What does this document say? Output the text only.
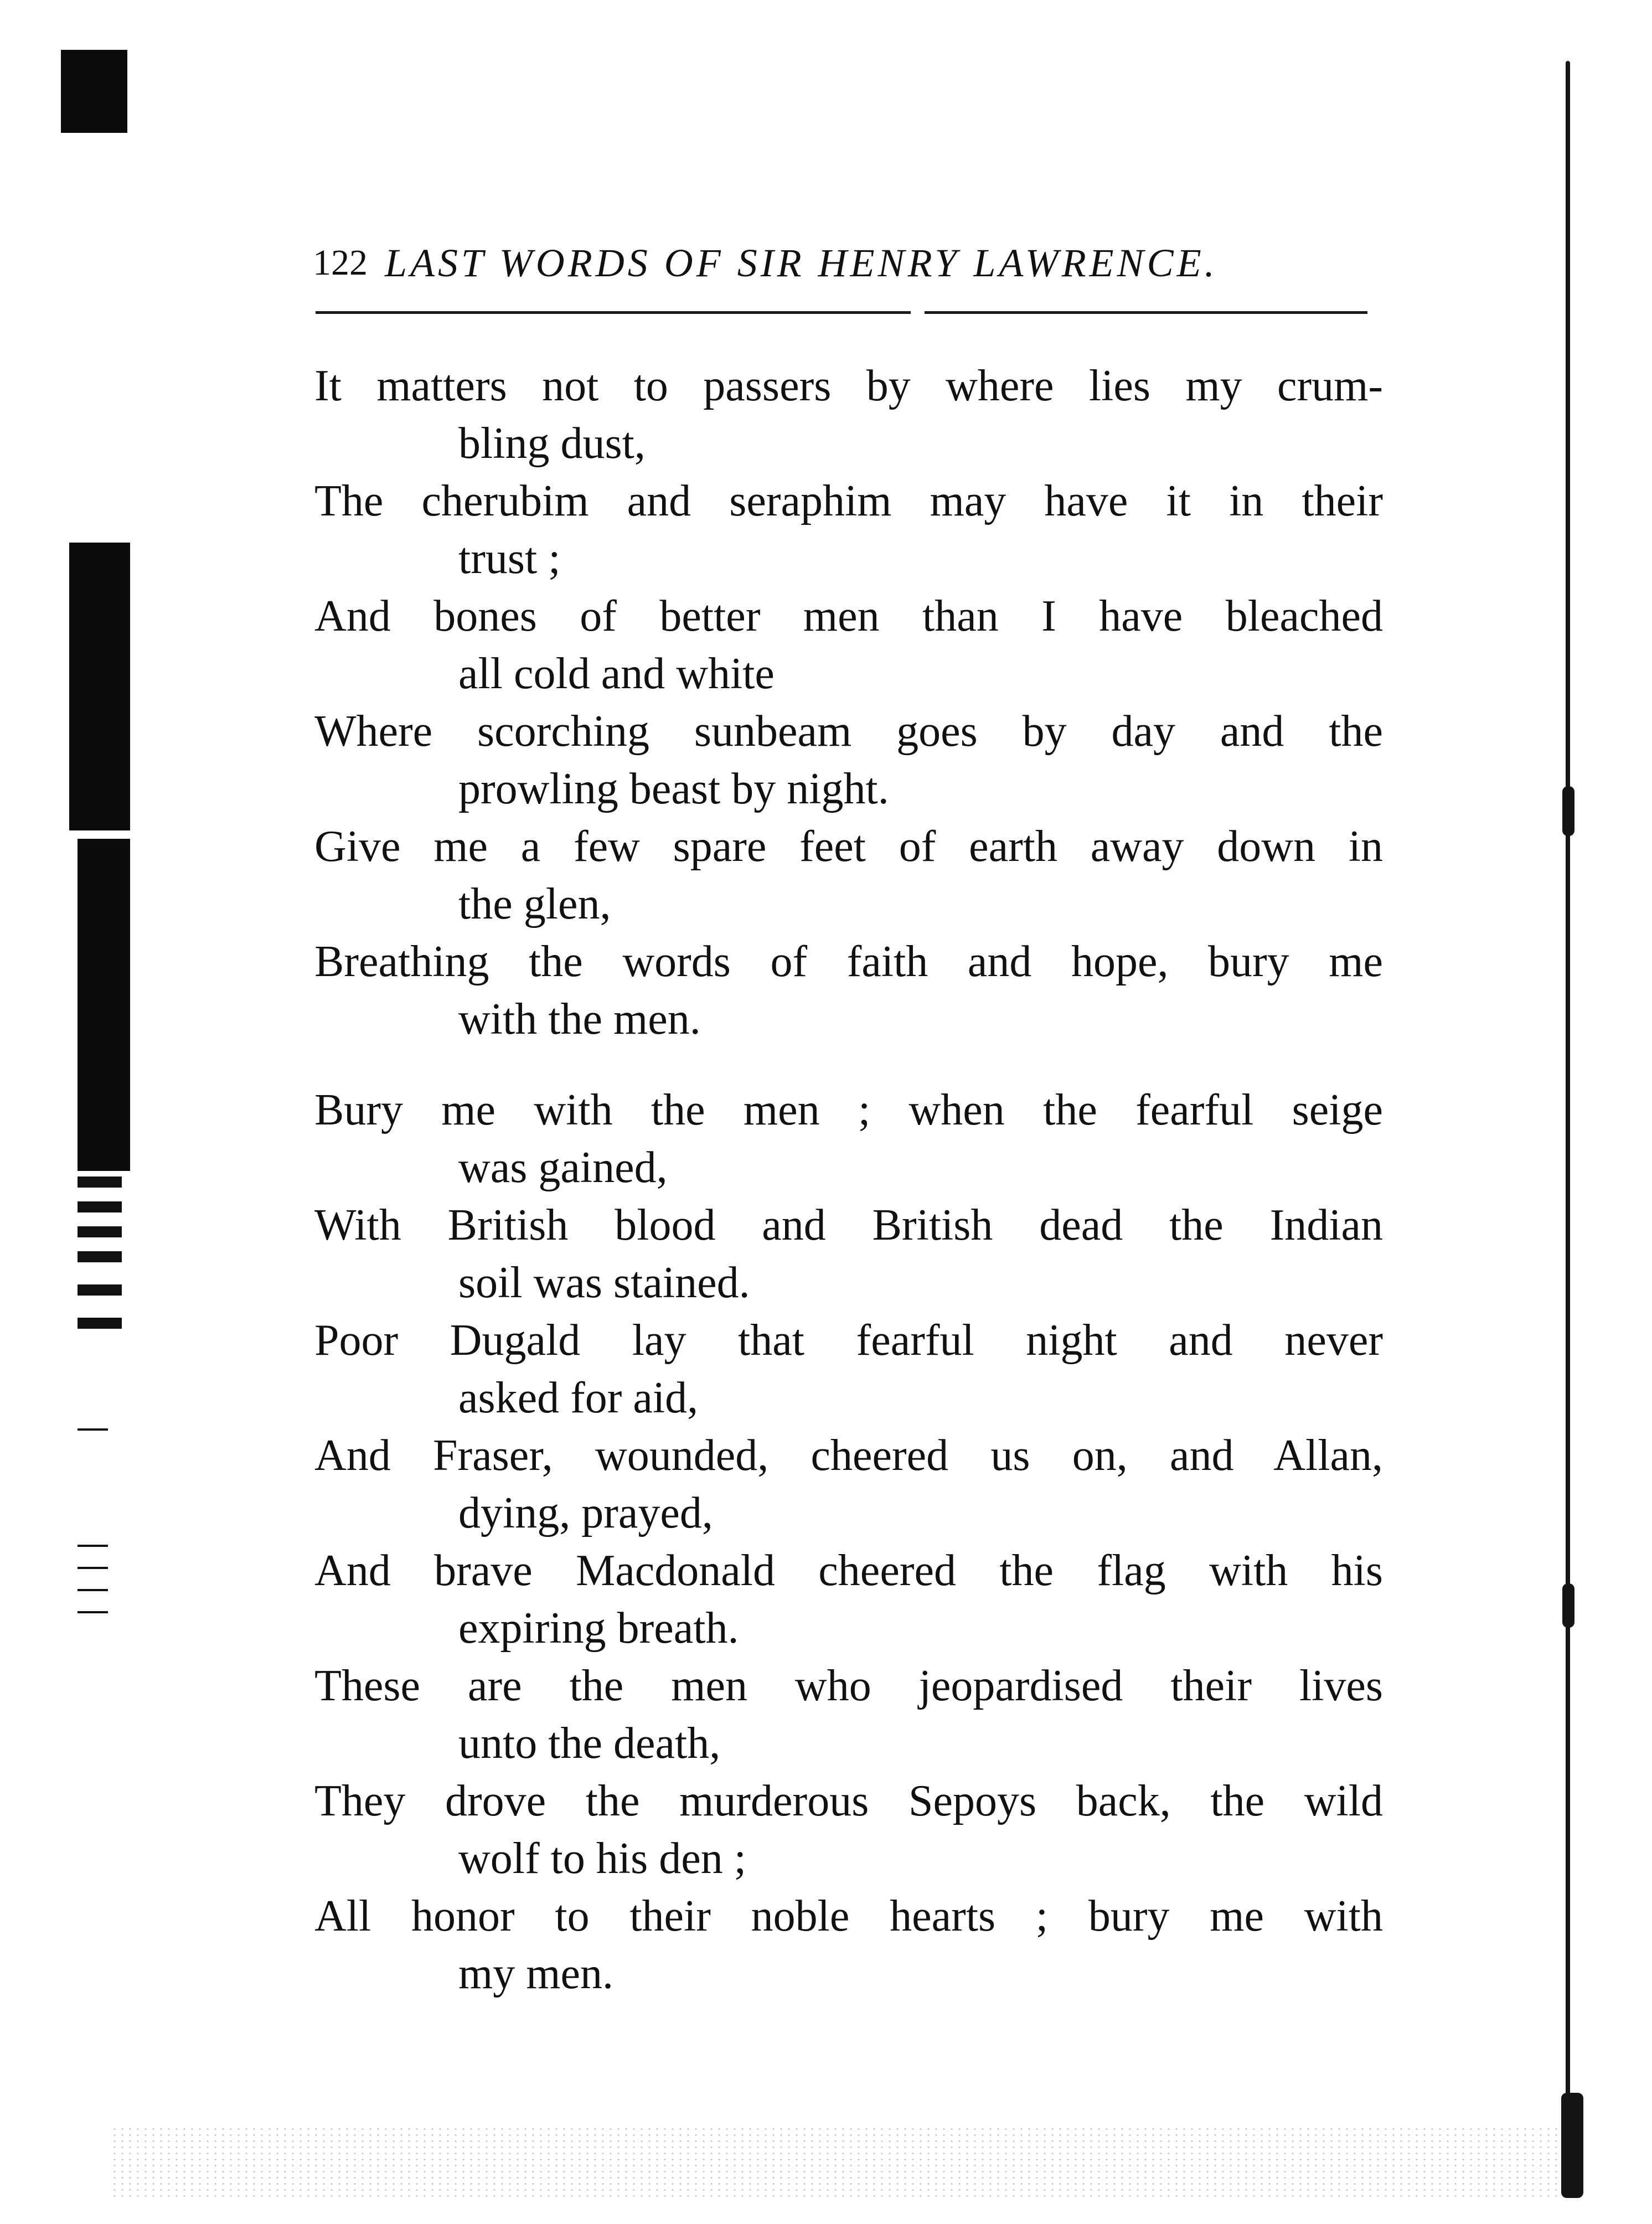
122 LAST WORDS OF SIR HENRY LAWRENCE.
It matters not to passers by where lies my crum-
bling dust,
The cherubim and seraphim may have it in their
trust ;
And bones of better men than I have bleached
all cold and white
Where scorching sunbeam goes by day and the
prowling beast by night.
Give me a few spare feet of earth away down in
the glen,
Breathing the words of faith and hope, bury me
with the men.
Bury me with the men ; when the fearful seige
was gained,
With British blood and British dead the Indian
soil was stained.
Poor Dugald lay that fearful night and never
asked for aid,
And Fraser, wounded, cheered us on, and Allan,
dying, prayed,
And brave Macdonald cheered the flag with his
expiring breath.
These are the men who jeopardised their lives
unto the death,
They drove the murderous Sepoys back, the wild
wolf to his den ;
All honor to their noble hearts ; bury me with
my men.
